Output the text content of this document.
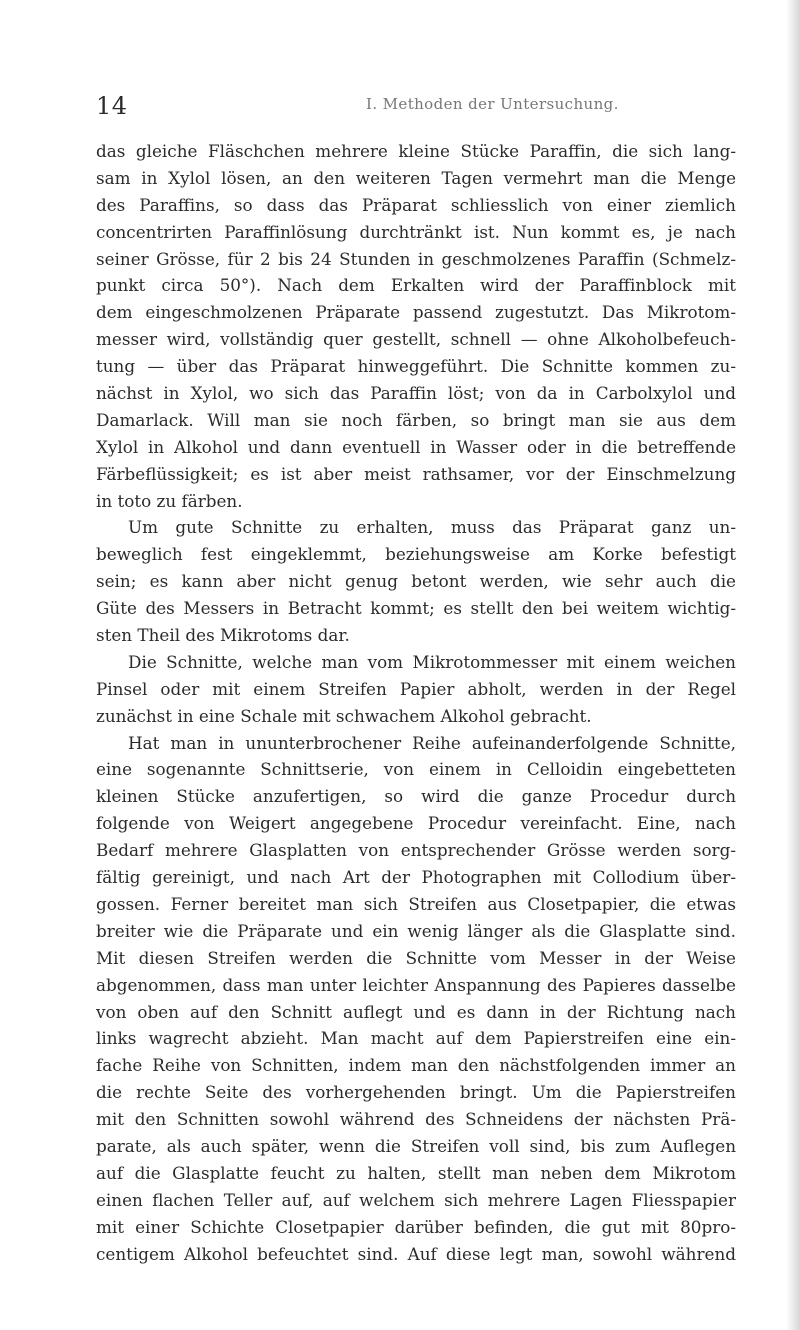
14	I. Methoden der Untersuchung.
das gleiche Fläschchen mehrere kleine Stücke Paraffin, die sich lang-
sam in Xylol lösen, an den weiteren Tagen vermehrt man die Menge
des Paraffins, so dass das Präparat schliesslich von einer ziemlich
concentrirten Paraffinlösung durchtränkt ist. Nun kommt es, je nach
seiner Grösse, für 2 bis 24 Stunden in geschmolzenes Paraffin (Schmelz-
punkt circa 50°). Nach dem Erkalten wird der Paraffinblock mit
dem eingeschmolzenen Präparate passend zugestutzt. Das Mikrotom-
messer wird, vollständig quer gestellt, schnell — ohne Alkoholbefeuch-
tung — über das Präparat hinweggeführt. Die Schnitte kommen zu-
nächst in Xylol, wo sich das Paraffin löst; von da in Carbolxylol und
Damarlack. Will man sie noch färben, so bringt man sie aus dem
Xylol in Alkohol und dann eventuell in Wasser oder in die betreffende
Färbeflüssigkeit; es ist aber meist rathsamer, vor der Einschmelzung
in toto zu färben.
Um gute Schnitte zu erhalten, muss das Präparat ganz un-
beweglich fest eingeklemmt, beziehungsweise am Korke befestigt
sein; es kann aber nicht genug betont werden, wie sehr auch die
Güte des Messers in Betracht kommt; es stellt den bei weitem wichtig-
sten Theil des Mikrotoms dar.
Die Schnitte, welche man vom Mikrotommesser mit einem weichen
Pinsel oder mit einem Streifen Papier abholt, werden in der Regel
zunächst in eine Schale mit schwachem Alkohol gebracht.
Hat man in ununterbrochener Reihe aufeinanderfolgende Schnitte,
eine sogenannte Schnittserie, von einem in Celloidin eingebetteten
kleinen Stücke anzufertigen, so wird die ganze Procedur durch
folgende von Weigert angegebene Procedur vereinfacht. Eine, nach
Bedarf mehrere Glasplatten von entsprechender Grösse werden sorg-
fältig gereinigt, und nach Art der Photographen mit Collodium über-
gossen. Ferner bereitet man sich Streifen aus Closetpapier, die etwas
breiter wie die Präparate und ein wenig länger als die Glasplatte sind.
Mit diesen Streifen werden die Schnitte vom Messer in der Weise
abgenommen, dass man unter leichter Anspannung des Papieres dasselbe
von oben auf den Schnitt auflegt und es dann in der Richtung nach
links wagrecht abzieht. Man macht auf dem Papierstreifen eine ein-
fache Reihe von Schnitten, indem man den nächstfolgenden immer an
die rechte Seite des vorhergehenden bringt. Um die Papierstreifen
mit den Schnitten sowohl während des Schneidens der nächsten Prä-
parate, als auch später, wenn die Streifen voll sind, bis zum Auflegen
auf die Glasplatte feucht zu halten, stellt man neben dem Mikrotom
einen flachen Teller auf, auf welchem sich mehrere Lagen Fliesspapier
mit einer Schichte Closetpapier darüber befinden, die gut mit 80pro-
centigem Alkohol befeuchtet sind. Auf diese legt man, sowohl während
